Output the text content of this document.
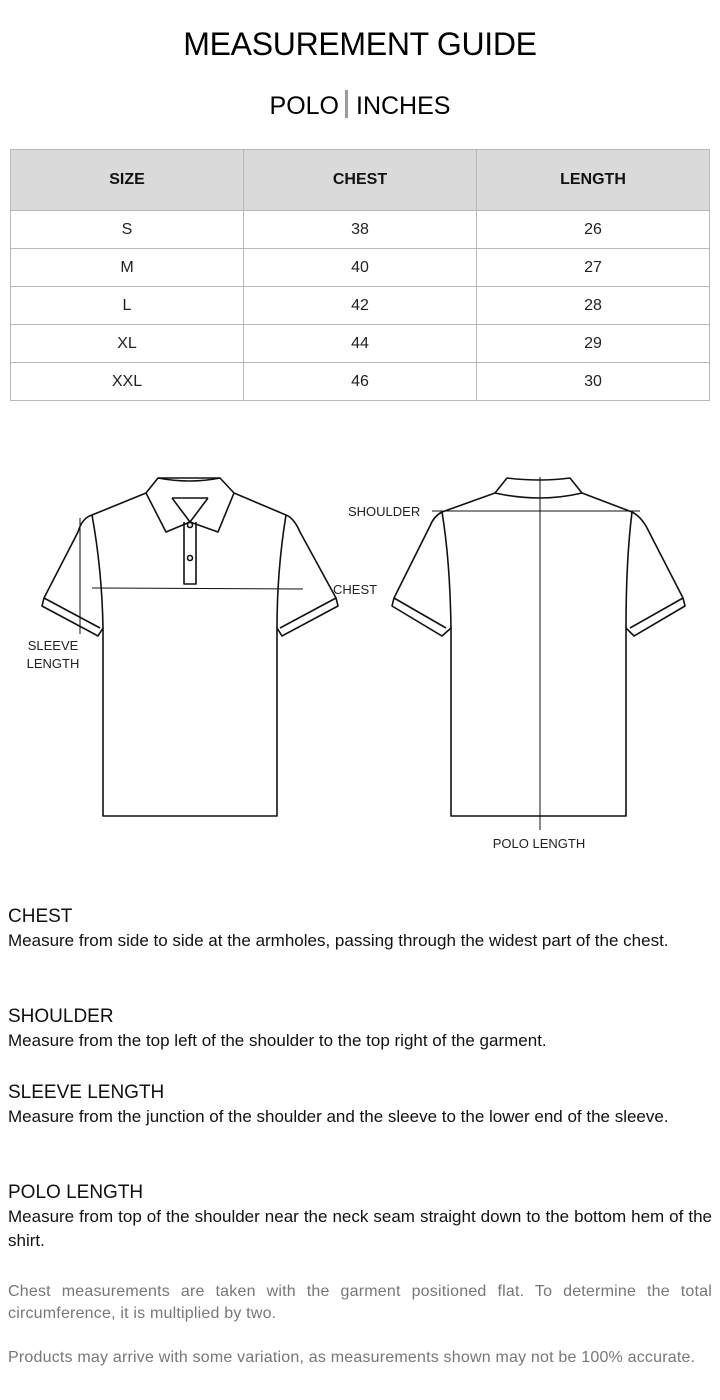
MEASUREMENT GUIDE
POLO INCHES
SIZE	CHEST	LENGTH
S	38	26
M	40	27
L	42	28
XL	44	29
XXL	46	30
SLEEVE
LENGTH
CHEST
SHOULDER
POLO LENGTH
CHEST

Measure from side to side at the armholes, passing through the widest part of the chest.

SHOULDER

Measure from the top left of the shoulder to the top right of the garment.

SLEEVE LENGTH

Measure from the junction of the shoulder and the sleeve to the lower end of the sleeve.

POLO LENGTH

Measure from top of the shoulder near the neck seam straight down to the bottom hem of the shirt.

Chest measurements are taken with the garment positioned flat. To determine the total circumference, it is multiplied by two.

Products may arrive with some variation, as measurements shown may not be 100% accurate.
